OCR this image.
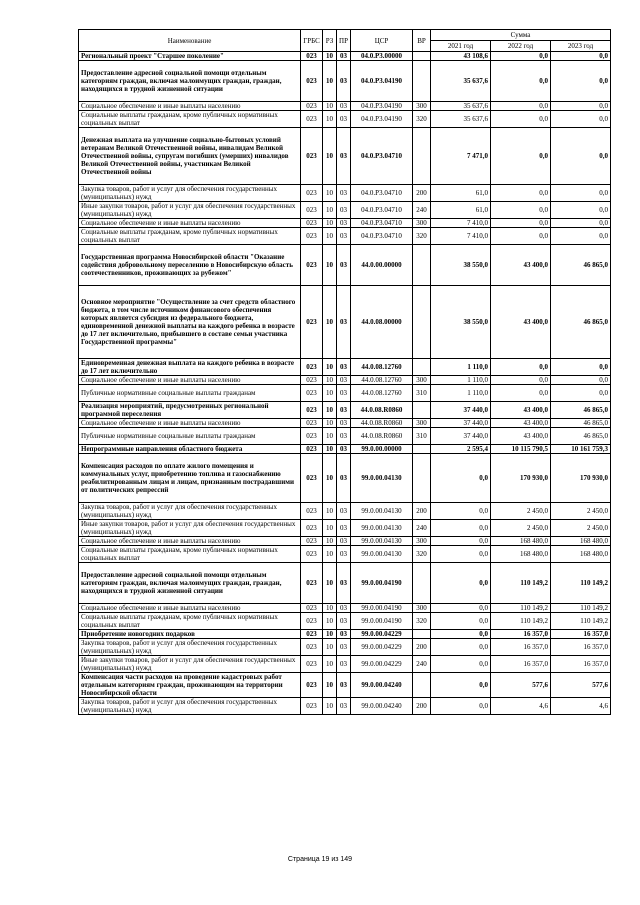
Наименование	ГРБС	РЗ	ПР	ЦСР	ВР	Сумма		
						2021 год	2022 год	2023 год
Региональный проект "Старшее поколение"	023	10	03	04.0.P3.00000		43 108,6	0,0	0,0
Предоставление адресной социальной помощи отдельным категориям граждан, включая малоимущих граждан, граждан, находящихся в трудной жизненной ситуации	023	10	03	04.0.P3.04190		35 637,6	0,0	0,0
Социальное обеспечение и иные выплаты населению	023	10	03	04.0.P3.04190	300	35 637,6	0,0	0,0
Социальные выплаты гражданам, кроме публичных нормативных социальных выплат	023	10	03	04.0.P3.04190	320	35 637,6	0,0	0,0
Денежная выплата на улучшение социально-бытовых условий ветеранам Великой Отечественной войны, инвалидам Великой Отечественной войны, супругам погибших (умерших) инвалидов Великой Отечественной войны, участникам Великой Отечественной войны	023	10	03	04.0.P3.04710		7 471,0	0,0	0,0
Закупка товаров, работ и услуг для обеспечения государственных (муниципальных) нужд	023	10	03	04.0.P3.04710	200	61,0	0,0	0,0
Иные закупки товаров, работ и услуг для обеспечения государственных (муниципальных) нужд	023	10	03	04.0.P3.04710	240	61,0	0,0	0,0
Социальное обеспечение и иные выплаты населению	023	10	03	04.0.P3.04710	300	7 410,0	0,0	0,0
Социальные выплаты гражданам, кроме публичных нормативных социальных выплат	023	10	03	04.0.P3.04710	320	7 410,0	0,0	0,0
Государственная программа Новосибирской области "Оказание содействия добровольному переселению в Новосибирскую область соотечественников, проживающих за рубежом"	023	10	03	44.0.00.00000		38 550,0	43 400,0	46 865,0
Основное мероприятие "Осуществление за счет средств областного бюджета, в том числе источником финансового обеспечения которых является субсидия из федерального бюджета, единовременной денежной выплаты на каждого ребенка в возрасте до 17 лет включительно, прибывшего в составе семьи участника Государственной программы"	023	10	03	44.0.08.00000		38 550,0	43 400,0	46 865,0
Единовременная денежная выплата на каждого ребенка в возрасте до 17 лет включительно	023	10	03	44.0.08.12760		1 110,0	0,0	0,0
Социальное обеспечение и иные выплаты населению	023	10	03	44.0.08.12760	300	1 110,0	0,0	0,0
Публичные нормативные социальные выплаты гражданам	023	10	03	44.0.08.12760	310	1 110,0	0,0	0,0
Реализация мероприятий, предусмотренных региональной программой переселения	023	10	03	44.0.08.R0860		37 440,0	43 400,0	46 865,0
Социальное обеспечение и иные выплаты населению	023	10	03	44.0.08.R0860	300	37 440,0	43 400,0	46 865,0
Публичные нормативные социальные выплаты гражданам	023	10	03	44.0.08.R0860	310	37 440,0	43 400,0	46 865,0
Непрограммные направления областного бюджета	023	10	03	99.0.00.00000		2 595,4	10 115 790,5	10 161 759,3
Компенсация расходов по оплате жилого помещения и коммунальных услуг, приобретению топлива и газоснабжению реабилитированным лицам и лицам, признанным пострадавшими от политических репрессий	023	10	03	99.0.00.04130		0,0	170 930,0	170 930,0
Закупка товаров, работ и услуг для обеспечения государственных (муниципальных) нужд	023	10	03	99.0.00.04130	200	0,0	2 450,0	2 450,0
Иные закупки товаров, работ и услуг для обеспечения государственных (муниципальных) нужд	023	10	03	99.0.00.04130	240	0,0	2 450,0	2 450,0
Социальное обеспечение и иные выплаты населению	023	10	03	99.0.00.04130	300	0,0	168 480,0	168 480,0
Социальные выплаты гражданам, кроме публичных нормативных социальных выплат	023	10	03	99.0.00.04130	320	0,0	168 480,0	168 480,0
Предоставление адресной социальной помощи отдельным категориям граждан, включая малоимущих граждан, граждан, находящихся в трудной жизненной ситуации	023	10	03	99.0.00.04190		0,0	110 149,2	110 149,2
Социальное обеспечение и иные выплаты населению	023	10	03	99.0.00.04190	300	0,0	110 149,2	110 149,2
Социальные выплаты гражданам, кроме публичных нормативных социальных выплат	023	10	03	99.0.00.04190	320	0,0	110 149,2	110 149,2
Приобретение новогодних подарков	023	10	03	99.0.00.04229		0,0	16 357,0	16 357,0
Закупка товаров, работ и услуг для обеспечения государственных (муниципальных) нужд	023	10	03	99.0.00.04229	200	0,0	16 357,0	16 357,0
Иные закупки товаров, работ и услуг для обеспечения государственных (муниципальных) нужд	023	10	03	99.0.00.04229	240	0,0	16 357,0	16 357,0
Компенсация части расходов на проведение кадастровых работ отдельным категориям граждан, проживающим на территории Новосибирской области	023	10	03	99.0.00.04240		0,0	577,6	577,6
Закупка товаров, работ и услуг для обеспечения государственных (муниципальных) нужд	023	10	03	99.0.00.04240	200	0,0	4,6	4,6
Страница 19 из 149
